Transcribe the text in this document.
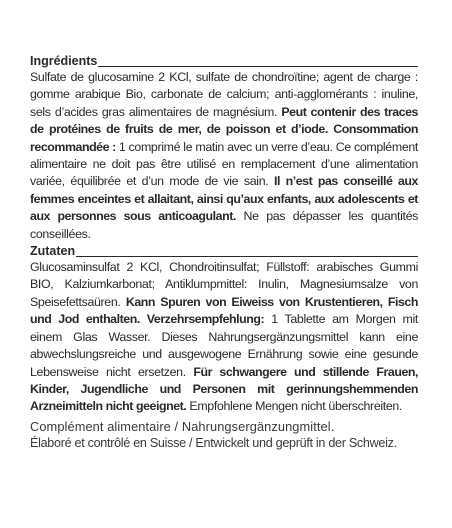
Ingrédients
Sulfate de glucosamine 2 KCl, sulfate de chondroïtine; agent de charge : gomme arabique Bio, carbonate de calcium; anti-agglomérants : inuline, sels d’acides gras alimentaires de magnésium. Peut contenir des traces de protéines de fruits de mer, de poisson et d’iode. Consommation recommandée : 1 comprimé le matin avec un verre d’eau. Ce complément alimentaire ne doit pas être utilisé en remplacement d’une alimentation variée, équilibrée et d’un mode de vie sain. Il n’est pas conseillé aux femmes enceintes et allaitant, ainsi qu’aux enfants, aux adolescents et aux personnes sous anticoagulant. Ne pas dépasser les quantités conseillées.
Zutaten
Glucosaminsulfat 2 KCl, Chondroitinsulfat; Füllstoff: arabisches Gummi BIO, Kalziumkarbonat; Antiklumpmittel: Inulin, Magnesiumsalze von Speisefettsaüren. Kann Spuren von Eiweiss von Krustentieren, Fisch und Jod enthalten. Verzehrsempfehlung: 1 Tablette am Morgen mit einem Glas Wasser. Dieses Nahrungsergänzungsmittel kann eine abwechslungsreiche und ausgewogene Ernährung sowie eine gesunde Lebensweise nicht ersetzen. Für schwangere und stillende Frauen, Kinder, Jugendliche und Personen mit gerinnungshemmenden Arzneimitteln nicht geeignet. Empfohlene Mengen nicht überschreiten.
Complément alimentaire / Nahrungsergänzungmittel.
Élaboré et contrôlé en Suisse / Entwickelt und geprüft in der Schweiz.
